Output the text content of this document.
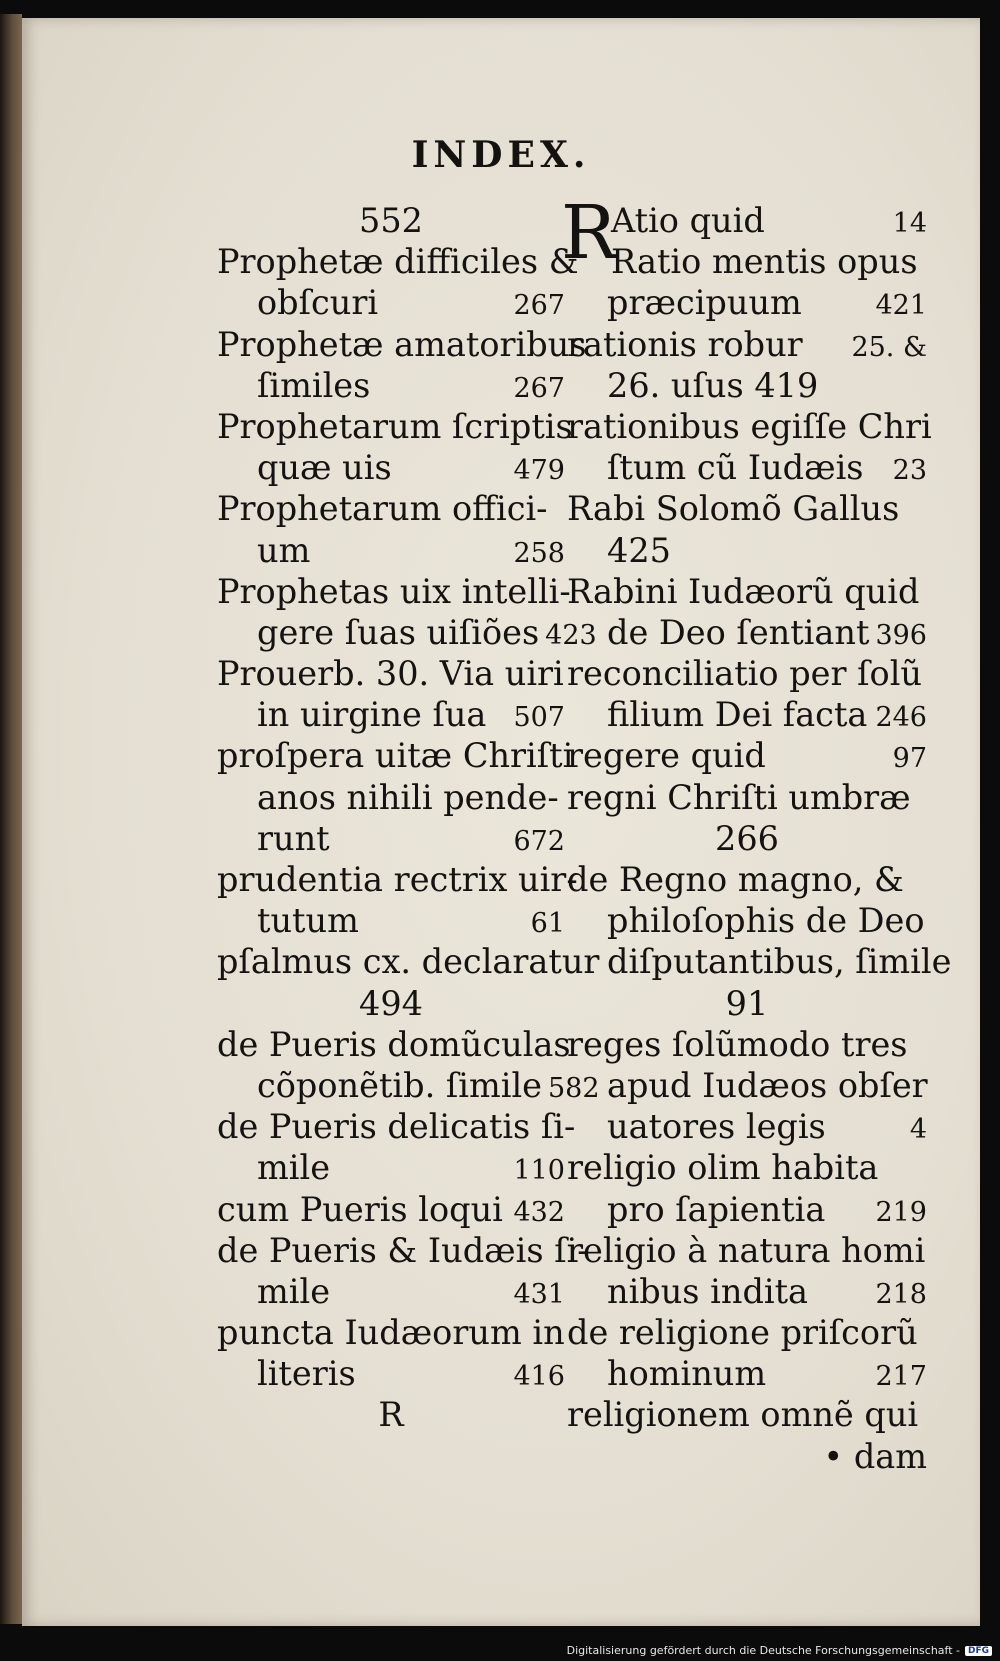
INDEX.
552
Prophetæ difficiles &
obſcuri	267
Prophetæ amatoribus
ſimiles	267
Prophetarum ſcriptis
quæ uis	479
Prophetarum offici-
um	258
Prophetas uix intelli-
gere ſuas uiſiões 423
Prouerb. 30. Via uiri
in uirgine ſua	507
proſpera uitæ Chriſti
anos nihili pende-
runt	672
prudentia rectrix uir-
tutum	61
pſalmus cx. declaratur
494
de Pueris domũculas
cõponẽtib. ſimile 582
de Pueris delicatis ſi-
mile	110
cum Pueris loqui 432
de Pueris & Iudæis ſi-
mile	431
puncta Iudæorum in
literis	416
R
R
Atio quid	14
Ratio mentis opus
præcipuum	421
rationis robur	25. &
26. uſus 419
rationibus egiſſe Chri
ſtum cũ Iudæis	23
Rabi Solomõ Gallus
425
Rabini Iudæorũ quid
de Deo ſentiant 396
reconciliatio per ſolũ
filium Dei facta 246
regere quid	97
regni Chriſti umbræ
266
de Regno magno, &
philoſophis de Deo
diſputantibus, ſimile
91
reges ſolũmodo tres
apud Iudæos obſer
uatores legis	4
religio olim habita
pro ſapientia	219
religio à natura homi
nibus indita	218
de religione priſcorũ
hominum	217
religionem omnẽ qui
• dam
Digitalisierung gefördert durch die Deutsche Forschungsgemeinschaft - DFG
